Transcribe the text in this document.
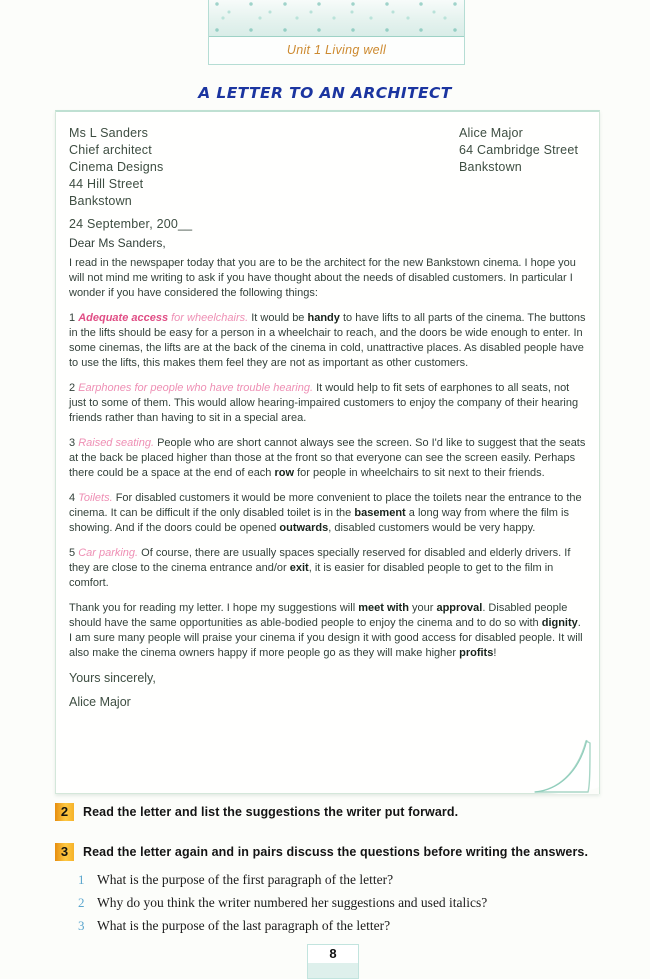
Unit 1 Living well
A LETTER TO AN ARCHITECT
Ms L Sanders
Chief architect
Cinema Designs
44 Hill Street
Bankstown
Alice Major
64 Cambridge Street
Bankstown
24 September, 200__
Dear Ms Sanders,

I read in the newspaper today that you are to be the architect for the new Bankstown cinema. I hope you will not mind me writing to ask if you have thought about the needs of disabled customers. In particular I wonder if you have considered the following things:

1 Adequate access for wheelchairs. It would be handy to have lifts to all parts of the cinema. The buttons in the lifts should be easy for a person in a wheelchair to reach, and the doors be wide enough to enter. In some cinemas, the lifts are at the back of the cinema in cold, unattractive places. As disabled people have to use the lifts, this makes them feel they are not as important as other customers.

2 Earphones for people who have trouble hearing. It would help to fit sets of earphones to all seats, not just to some of them. This would allow hearing-impaired customers to enjoy the company of their hearing friends rather than having to sit in a special area.

3 Raised seating. People who are short cannot always see the screen. So I'd like to suggest that the seats at the back be placed higher than those at the front so that everyone can see the screen easily. Perhaps there could be a space at the end of each row for people in wheelchairs to sit next to their friends.

4 Toilets. For disabled customers it would be more convenient to place the toilets near the entrance to the cinema. It can be difficult if the only disabled toilet is in the basement a long way from where the film is showing. And if the doors could be opened outwards, disabled customers would be very happy.

5 Car parking. Of course, there are usually spaces specially reserved for disabled and elderly drivers. If they are close to the cinema entrance and/or exit, it is easier for disabled people to get to the film in comfort.

Thank you for reading my letter. I hope my suggestions will meet with your approval. Disabled people should have the same opportunities as able-bodied people to enjoy the cinema and to do so with dignity. I am sure many people will praise your cinema if you design it with good access for disabled people. It will also make the cinema owners happy if more people go as they will make higher profits!

Yours sincerely,
Alice Major
2	Read the letter and list the suggestions the writer put forward.
3	Read the letter again and in pairs discuss the questions before writing the answers.
1 What is the purpose of the first paragraph of the letter?
2 Why do you think the writer numbered her suggestions and used italics?
3 What is the purpose of the last paragraph of the letter?
8
